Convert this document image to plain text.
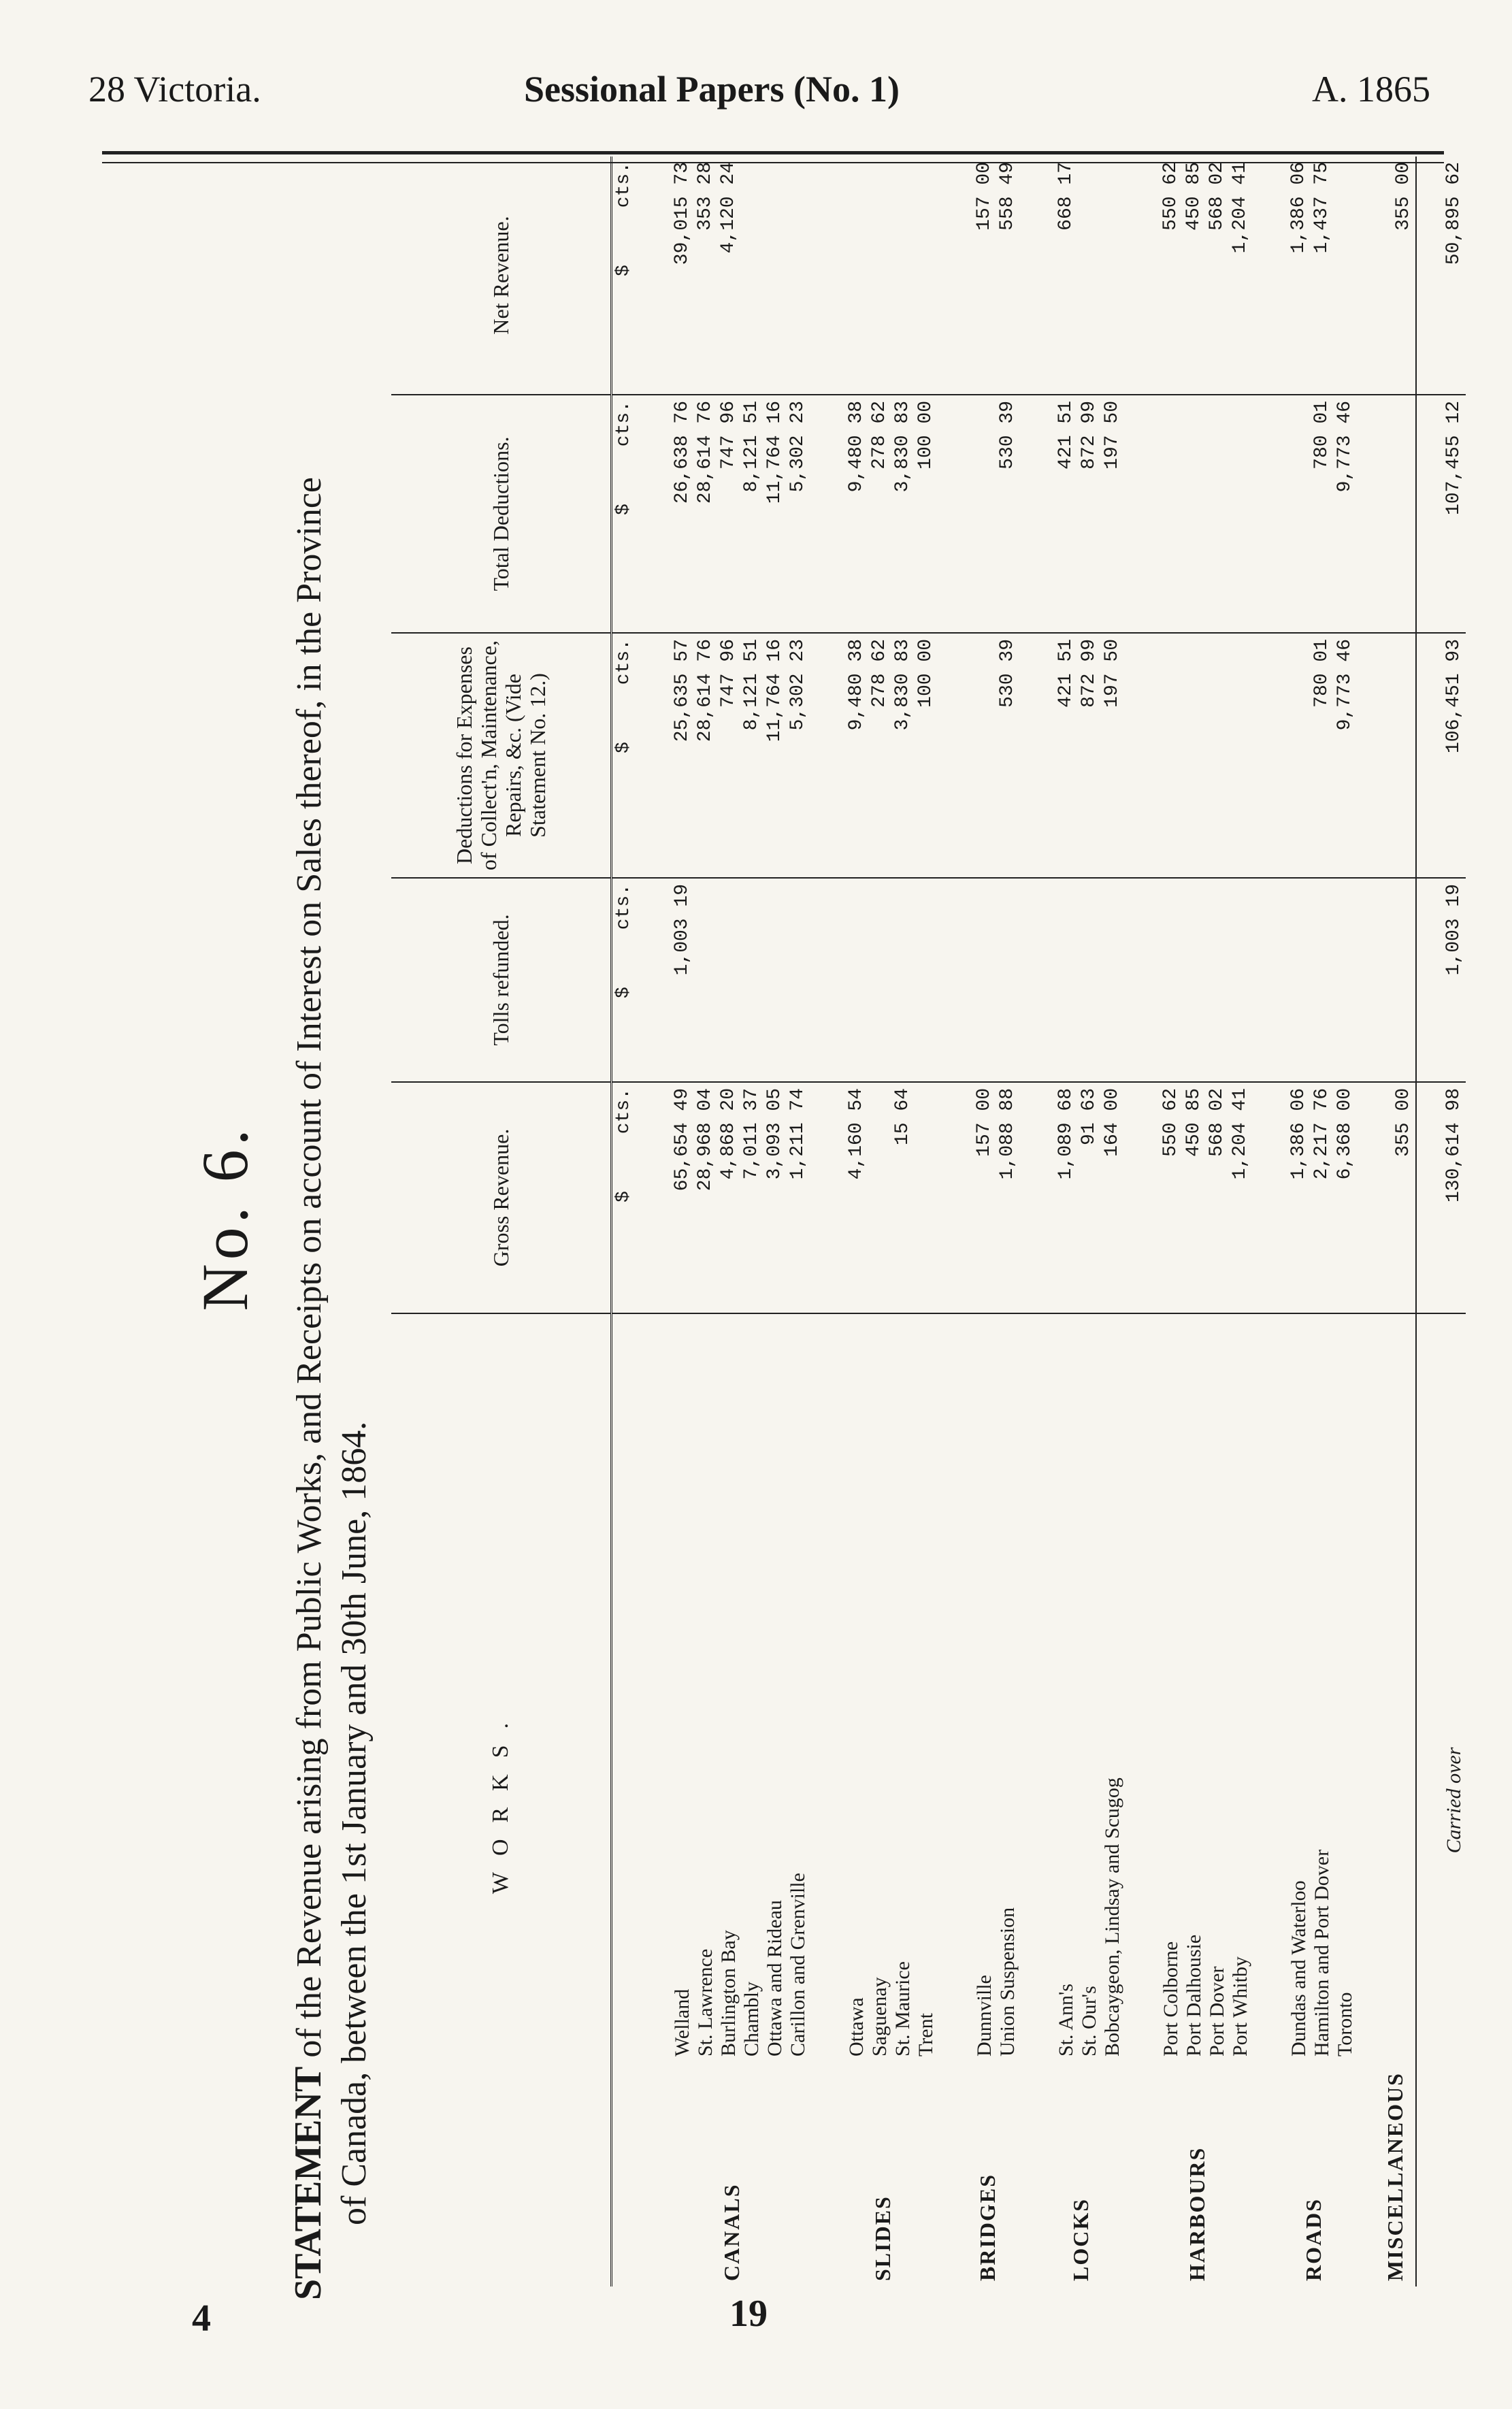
28 Victoria.	Sessional Papers (No. 1)	A. 1865
No. 6.
STATEMENT of the Revenue arising from Public Works, and Receipts on account of Interest on Sales thereof, in the Province of Canada, between the 1st January and 30th June, 1864.	WORKS.		Gross Revenue.	Tolls refunded.	Deductions for Expenses of Collect'n, Maintenance, Repairs, &c. (Vide Statement No. 12.)	Total Deductions.	Net Revenue.
		$     cts.	$     cts.	$     cts.	$     cts.	$     cts.
CANALS	Welland	65,654 49	1,003 19	25,635 57	26,638 76	39,015 73
	St. Lawrence	28,968 04		28,614 76	28,614 76	353 28
	Burlington Bay	4,868 20		747 96	747 96	4,120 24
	Chambly	7,011 37		8,121 51	8,121 51	
	Ottawa and Rideau	3,093 05		11,764 16	11,764 16	
	Carillon and Grenville	1,211 74		5,302 23	5,302 23	
SLIDES	Ottawa	4,160 54		9,480 38	9,480 38	
	Saguenay			278 62	278 62	
	St. Maurice	15 64		3,830 83	3,830 83	
	Trent			100 00	100 00	
BRIDGES	Dunnville	157 00				157 00
	Union Suspension	1,088 88		530 39	530 39	558 49
LOCKS	St. Ann's	1,089 68		421 51	421 51	668 17
	St. Our's	91 63		872 99	872 99	
	Bobcaygeon, Lindsay and Scugog	164 00		197 50	197 50	
HARBOURS	Port Colborne	550 62				550 62
	Port Dalhousie	450 85				450 85
	Port Dover	568 02				568 02
	Port Whitby	1,204 41				1,204 41
ROADS	Dundas and Waterloo	1,386 06				1,386 06
	Hamilton and Port Dover	2,217 76		780 01	780 01	1,437 75
	Toronto	6,368 00		9,773 46	9,773 46	
MISCELLANEOUS		355 00				355 00
Carried over		130,614 98	1,003 19	106,451 93	107,455 12	50,895 62
4	19
